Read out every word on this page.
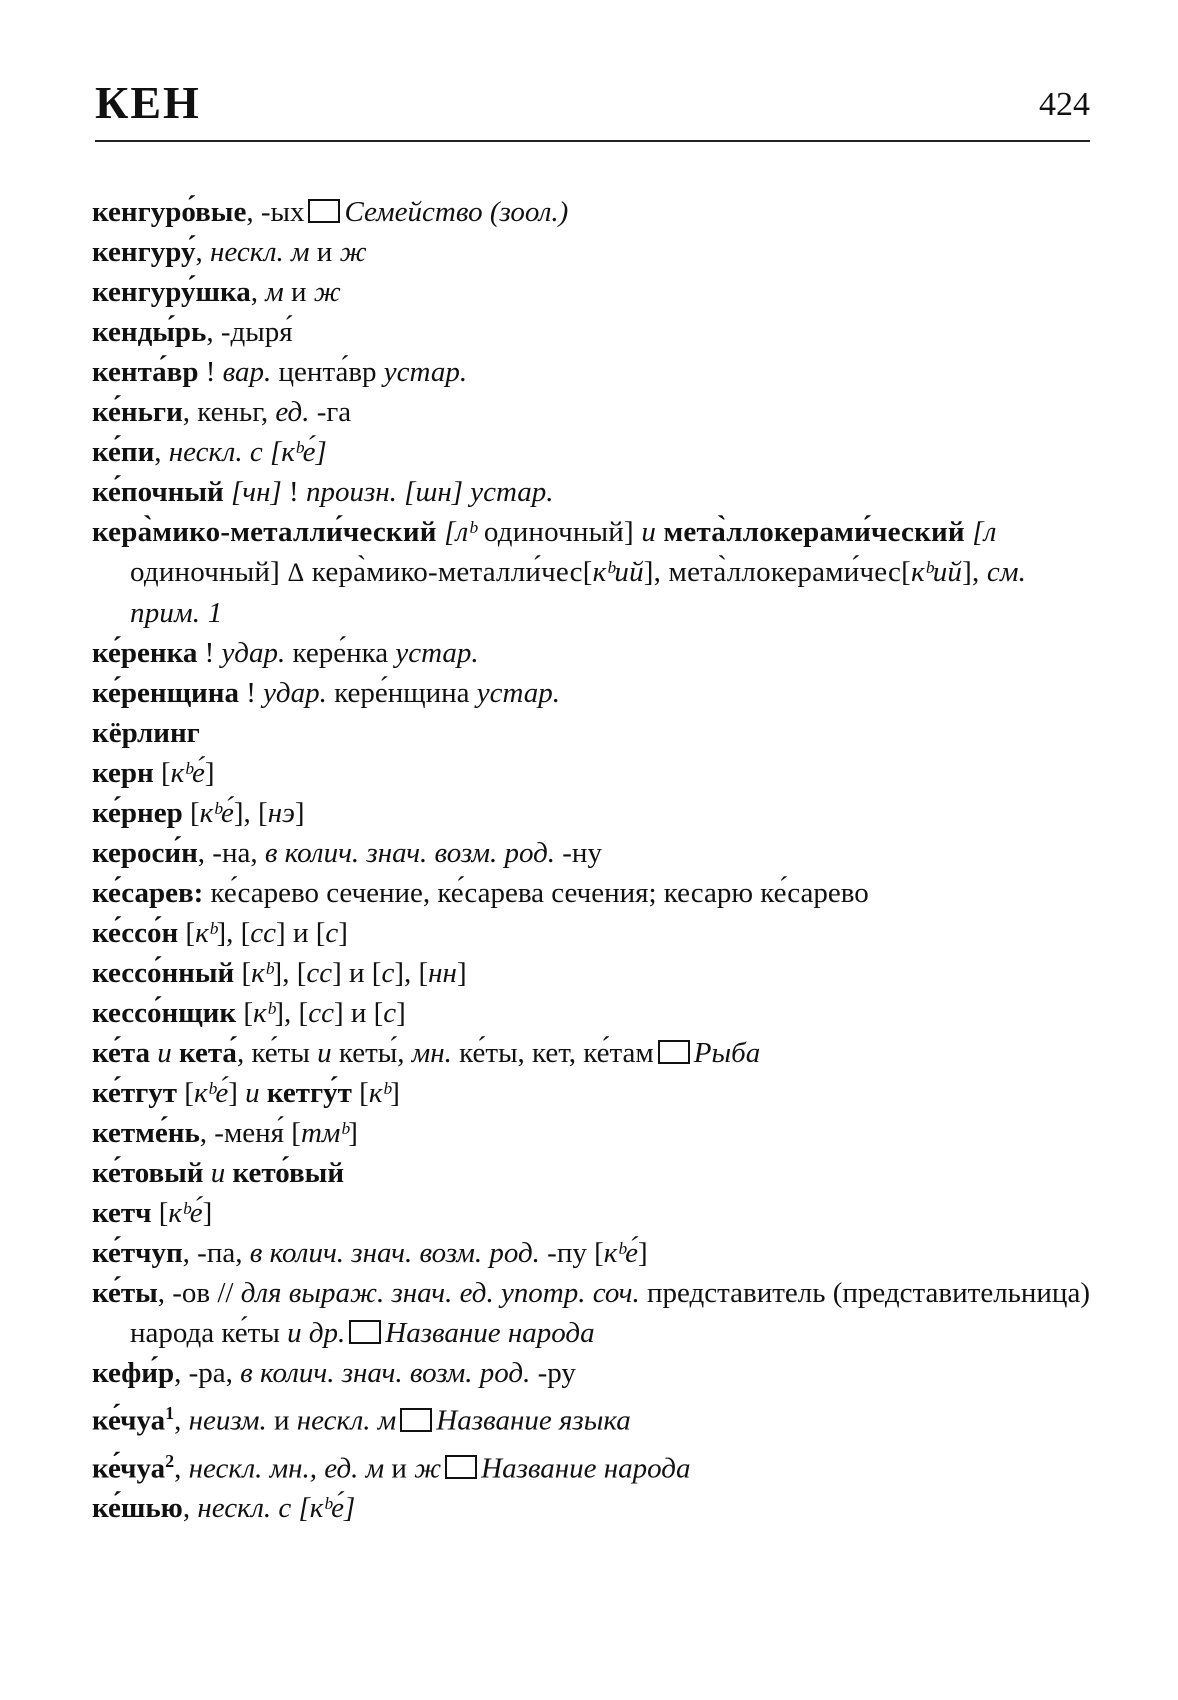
КЕН	424
кенгуро́вые, -ых Семейство (зоол.)
кенгуру́, нескл. м и ж
кенгуру́шка, м и ж
кенды́рь, -дыря́
кента́вр ! вар. цента́вр устар.
ке́ньги, кеньг, ед. -га
ке́пи, нескл. с [кᵇе́]
ке́почный [чн] ! произн. [шн] устар.
кера̀мико-металли́ческий [лᵇ одиночный] и мета̀ллокерами́ческий [л одиночный] Δ кера̀мико-металли́чес[кᵇий], мета̀ллокерами́чес[кᵇий], см. прим. 1
ке́ренка ! удар. кере́нка устар.
ке́ренщина ! удар. кере́нщина устар.
кёрлинг
керн [кᵇе́]
ке́рнер [кᵇе́], [нэ]
кероси́н, -на, в колич. знач. возм. род. -ну
ке́сарев: ке́сарево сечение, ке́сарева сечения; кесарю ке́сарево
ке́ссо́н [кᵇ], [сс] и [с]
кессо́нный [кᵇ], [сс] и [с], [нн]
кессо́нщик [кᵇ], [сс] и [с]
ке́та и кета́, ке́ты и кеты́, мн. ке́ты, кет, ке́там Рыба
ке́тгут [кᵇе́] и кетгу́т [кᵇ]
кетме́нь, -меня́ [тмᵇ]
ке́товый и кето́вый
кетч [кᵇе́]
ке́тчуп, -па, в колич. знач. возм. род. -пу [кᵇе́]
ке́ты, -ов // для выраж. знач. ед. употр. соч. представитель (представительница) народа ке́ты и др. Название народа
кефи́р, -ра, в колич. знач. возм. род. -ру
ке́чуа$^1$, неизм. и нескл. м Название языка
ке́чуа$^2$, нескл. мн., ед. м и ж Название народа
ке́шью, нескл. с [кᵇе́]
